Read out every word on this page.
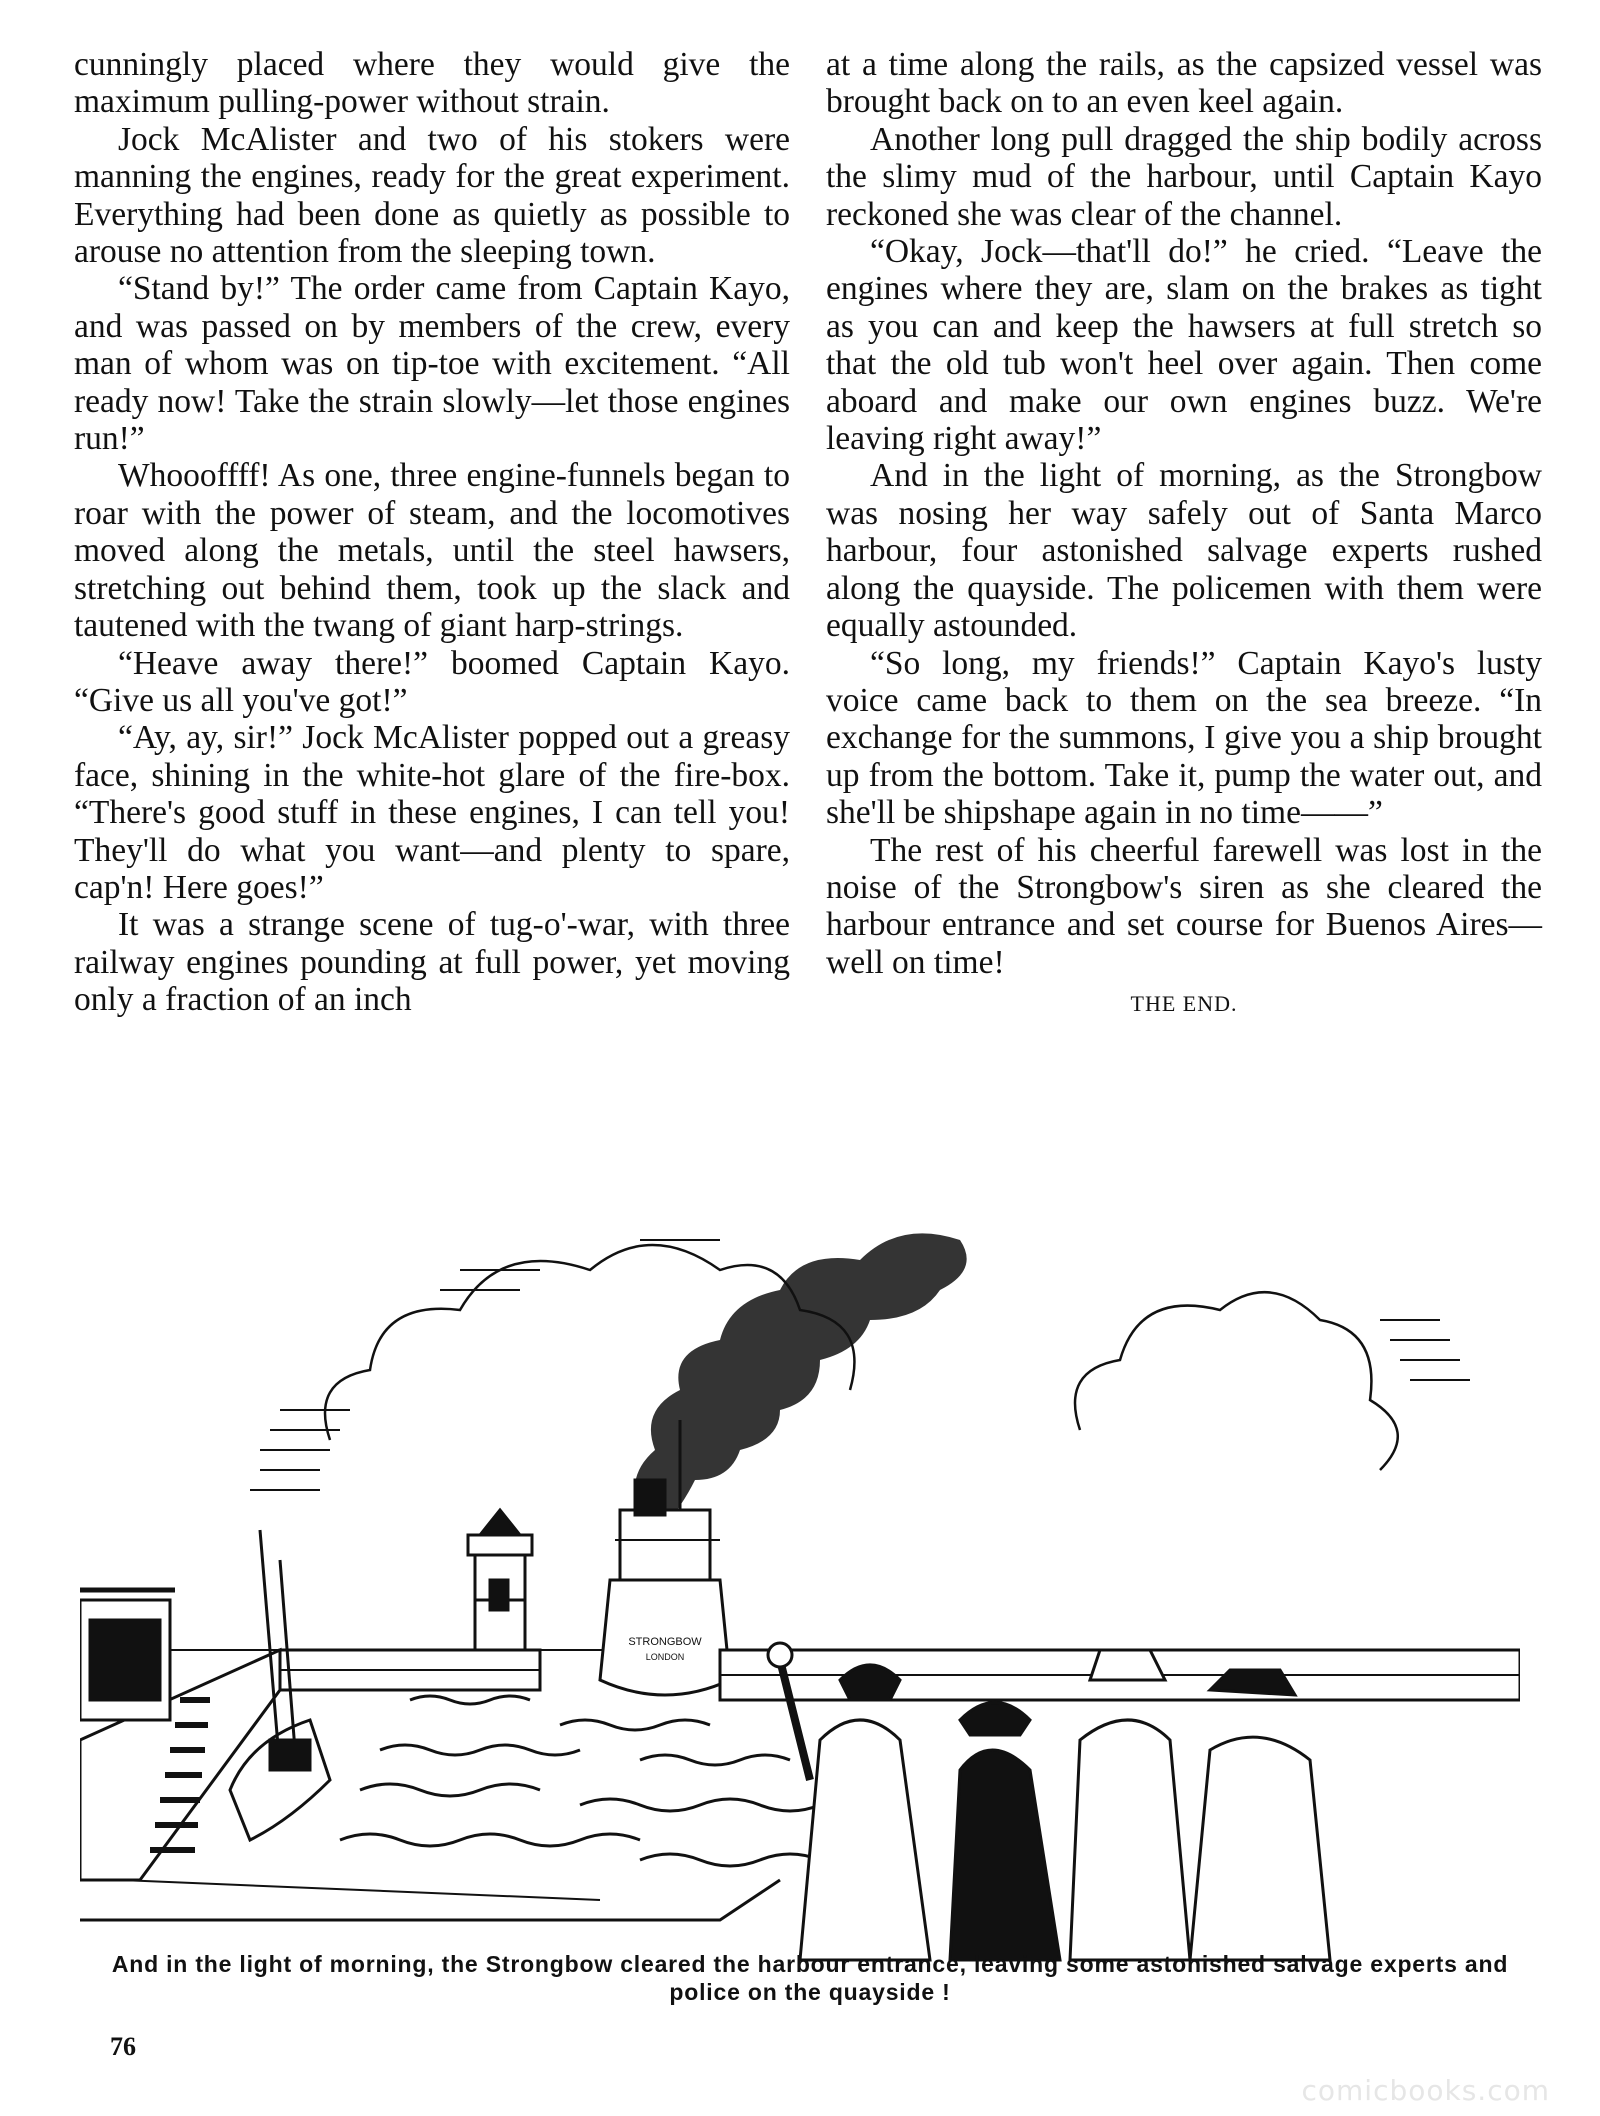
cunningly placed where they would give the maximum pulling-power without strain.

Jock McAlister and two of his stokers were manning the engines, ready for the great experiment. Everything had been done as quietly as possible to arouse no attention from the sleeping town.

“Stand by!” The order came from Captain Kayo, and was passed on by members of the crew, every man of whom was on tip-toe with excitement. “All ready now! Take the strain slowly—let those engines run!”

Whoooffff! As one, three engine-funnels began to roar with the power of steam, and the locomotives moved along the metals, until the steel hawsers, stretching out behind them, took up the slack and tautened with the twang of giant harp-strings.

“Heave away there!” boomed Captain Kayo. “Give us all you've got!”

“Ay, ay, sir!” Jock McAlister popped out a greasy face, shining in the white-hot glare of the fire-box. “There's good stuff in these engines, I can tell you! They'll do what you want—and plenty to spare, cap'n! Here goes!”

It was a strange scene of tug-o'-war, with three railway engines pounding at full power, yet moving only a fraction of an inch

at a time along the rails, as the capsized vessel was brought back on to an even keel again.

Another long pull dragged the ship bodily across the slimy mud of the harbour, until Captain Kayo reckoned she was clear of the channel.

“Okay, Jock—that'll do!” he cried. “Leave the engines where they are, slam on the brakes as tight as you can and keep the hawsers at full stretch so that the old tub won't heel over again. Then come aboard and make our own engines buzz. We're leaving right away!”

And in the light of morning, as the Strongbow was nosing her way safely out of Santa Marco harbour, four astonished salvage experts rushed along the quayside. The policemen with them were equally astounded.

“So long, my friends!” Captain Kayo's lusty voice came back to them on the sea breeze. “In exchange for the summons, I give you a ship brought up from the bottom. Take it, pump the water out, and she'll be shipshape again in no time——”

The rest of his cheerful farewell was lost in the noise of the Strongbow's siren as she cleared the harbour entrance and set course for Buenos Aires—well on time!

THE END.
STRONGBOW
LONDON
And in the light of morning, the Strongbow cleared the harbour entrance, leaving some astonished salvage experts and police on the quayside !
76
comicbooks.com
